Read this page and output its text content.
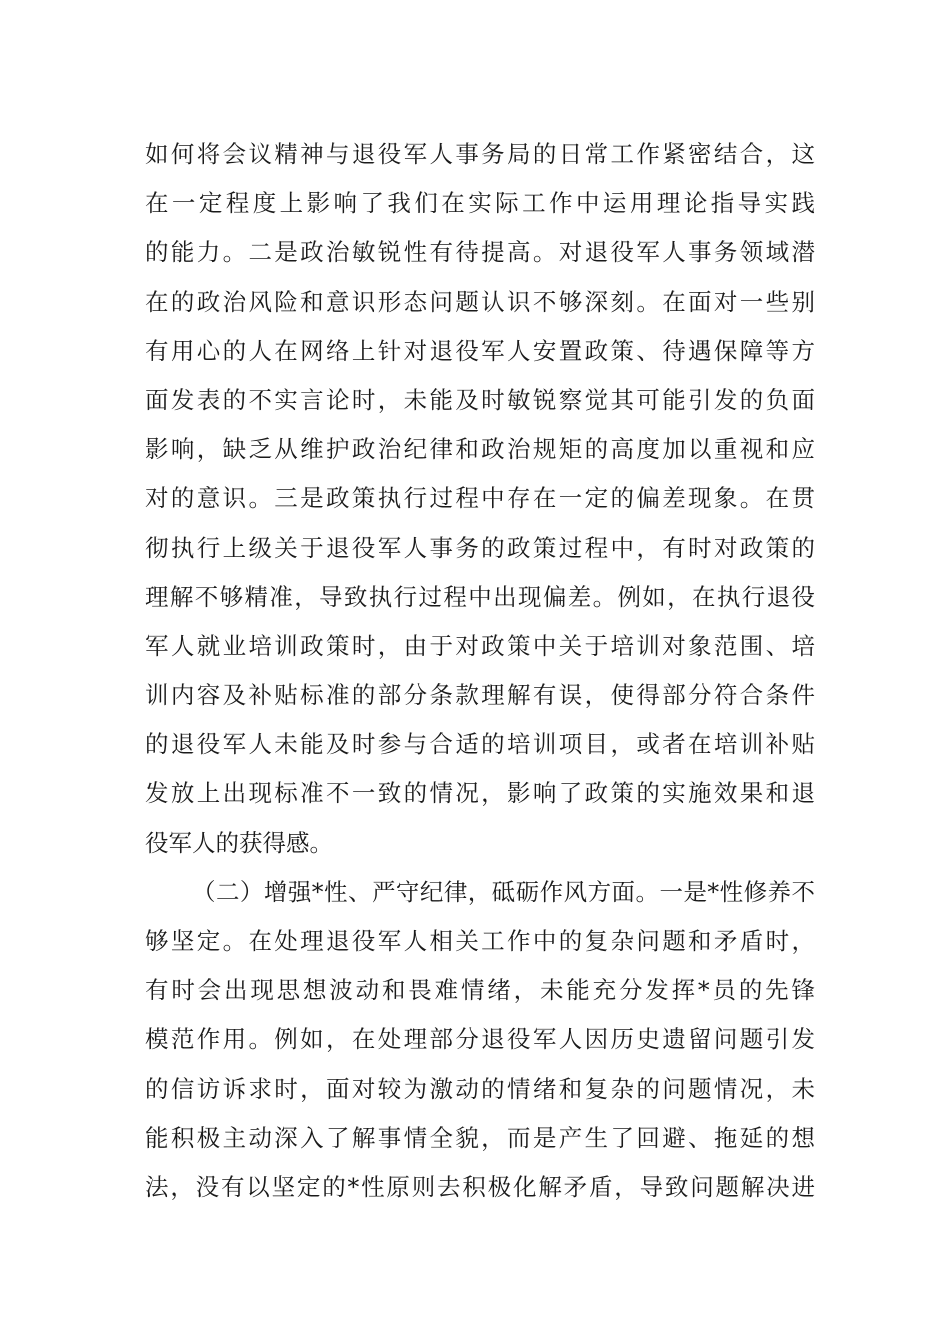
如何将会议精神与退役军人事务局的日常工作紧密结合，这
在一定程度上影响了我们在实际工作中运用理论指导实践
的能力。二是政治敏锐性有待提高。对退役军人事务领域潜
在的政治风险和意识形态问题认识不够深刻。在面对一些别
有用心的人在网络上针对退役军人安置政策、待遇保障等方
面发表的不实言论时，未能及时敏锐察觉其可能引发的负面
影响，缺乏从维护政治纪律和政治规矩的高度加以重视和应
对的意识。三是政策执行过程中存在一定的偏差现象。在贯
彻执行上级关于退役军人事务的政策过程中，有时对政策的
理解不够精准，导致执行过程中出现偏差。例如，在执行退役
军人就业培训政策时，由于对政策中关于培训对象范围、培
训内容及补贴标准的部分条款理解有误，使得部分符合条件
的退役军人未能及时参与合适的培训项目，或者在培训补贴
发放上出现标准不一致的情况，影响了政策的实施效果和退
役军人的获得感。
（二）增强*性、严守纪律，砥砺作风方面。一是*性修养不
够坚定。在处理退役军人相关工作中的复杂问题和矛盾时，
有时会出现思想波动和畏难情绪，未能充分发挥*员的先锋
模范作用。例如，在处理部分退役军人因历史遗留问题引发
的信访诉求时，面对较为激动的情绪和复杂的问题情况，未
能积极主动深入了解事情全貌，而是产生了回避、拖延的想
法，没有以坚定的*性原则去积极化解矛盾，导致问题解决进
